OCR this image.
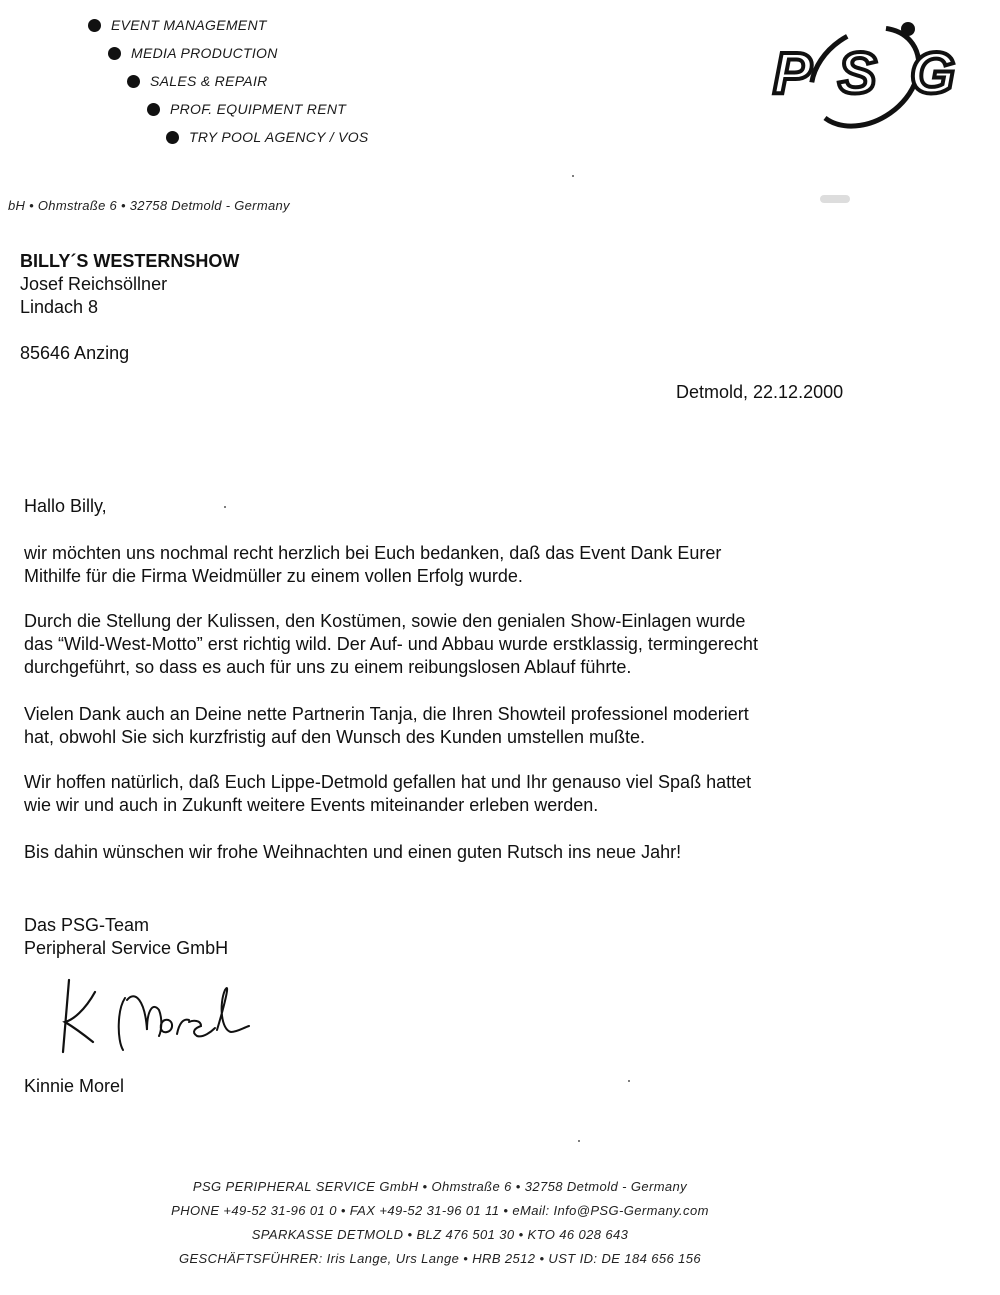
EVENT MANAGEMENT
MEDIA PRODUCTION
SALES & REPAIR
PROF. EQUIPMENT RENT
TRY POOL AGENCY / VOS
P S G
bH • Ohmstraße 6 • 32758 Detmold - Germany
BILLY´S WESTERNSHOW
Josef Reichsöllner
Lindach 8
85646 Anzing
Detmold, 22.12.2000
Hallo Billy,
wir möchten uns nochmal recht herzlich bei Euch bedanken, daß das Event Dank Eurer
Mithilfe für die Firma Weidmüller zu einem vollen Erfolg wurde.
Durch die Stellung der Kulissen, den Kostümen, sowie den genialen Show-Einlagen wurde
das “Wild-West-Motto” erst richtig wild. Der Auf- und Abbau wurde erstklassig, termingerecht
durchgeführt, so dass es auch für uns zu einem reibungslosen Ablauf führte.
Vielen Dank auch an Deine nette Partnerin Tanja, die Ihren Showteil professionel moderiert
hat, obwohl Sie sich kurzfristig auf den Wunsch des Kunden umstellen mußte.
Wir hoffen natürlich, daß Euch Lippe-Detmold gefallen hat und Ihr genauso viel Spaß hattet
wie wir und auch in Zukunft weitere Events miteinander erleben werden.
Bis dahin wünschen wir frohe Weihnachten und einen guten Rutsch ins neue Jahr!
Das PSG-Team
Peripheral Service GmbH
Kinnie Morel
PSG PERIPHERAL SERVICE GmbH • Ohmstraße 6 • 32758 Detmold - Germany
PHONE +49-52 31-96 01 0 • FAX +49-52 31-96 01 11 • eMail: Info@PSG-Germany.com
SPARKASSE DETMOLD • BLZ 476 501 30 • KTO 46 028 643
GESCHÄFTSFÜHRER: Iris Lange, Urs Lange • HRB 2512 • UST ID: DE 184 656 156
